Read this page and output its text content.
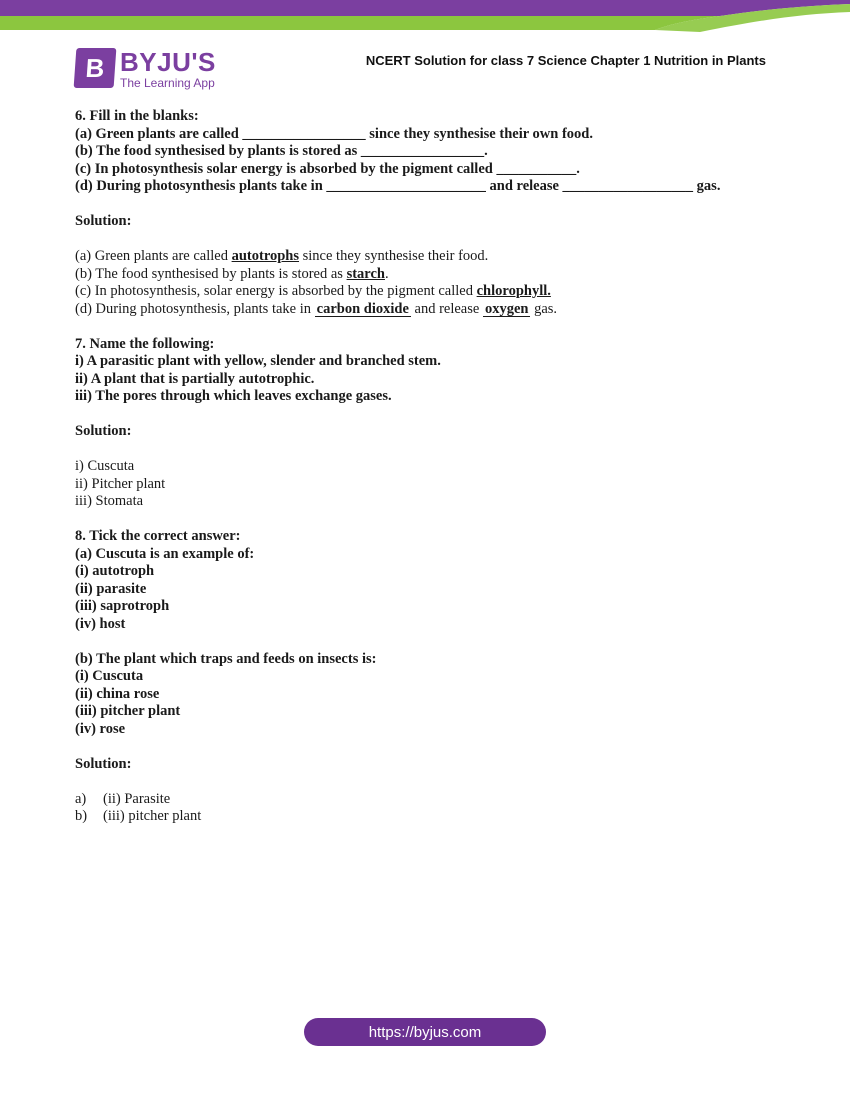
B BYJU'S
The Learning App
NCERT Solution for class 7 Science Chapter 1 Nutrition in Plants

6. Fill in the blanks:

(a) Green plants are called _________________ since they synthesise their own food.

(b) The food synthesised by plants is stored as _________________.

(c) In photosynthesis solar energy is absorbed by the pigment called ___________.

(d) During photosynthesis plants take in ______________________ and release __________________ gas.

Solution:

(a) Green plants are called autotrophs since they synthesise their food.

(b) The food synthesised by plants is stored as starch.

(c) In photosynthesis, solar energy is absorbed by the pigment called chlorophyll.

(d) During photosynthesis, plants take in carbon dioxide and release oxygen gas.

7. Name the following:

i) A parasitic plant with yellow, slender and branched stem.

ii) A plant that is partially autotrophic.

iii) The pores through which leaves exchange gases.

Solution:

i) Cuscuta

ii) Pitcher plant

iii) Stomata

8. Tick the correct answer:

(a) Cuscuta is an example of:

(i) autotroph

(ii) parasite

(iii) saprotroph

(iv) host

(b) The plant which traps and feeds on insects is:

(i) Cuscuta

(ii) china rose

(iii) pitcher plant

(iv) rose

Solution:

a) (ii) Parasite

b) (iii) pitcher plant

https://byjus.com
